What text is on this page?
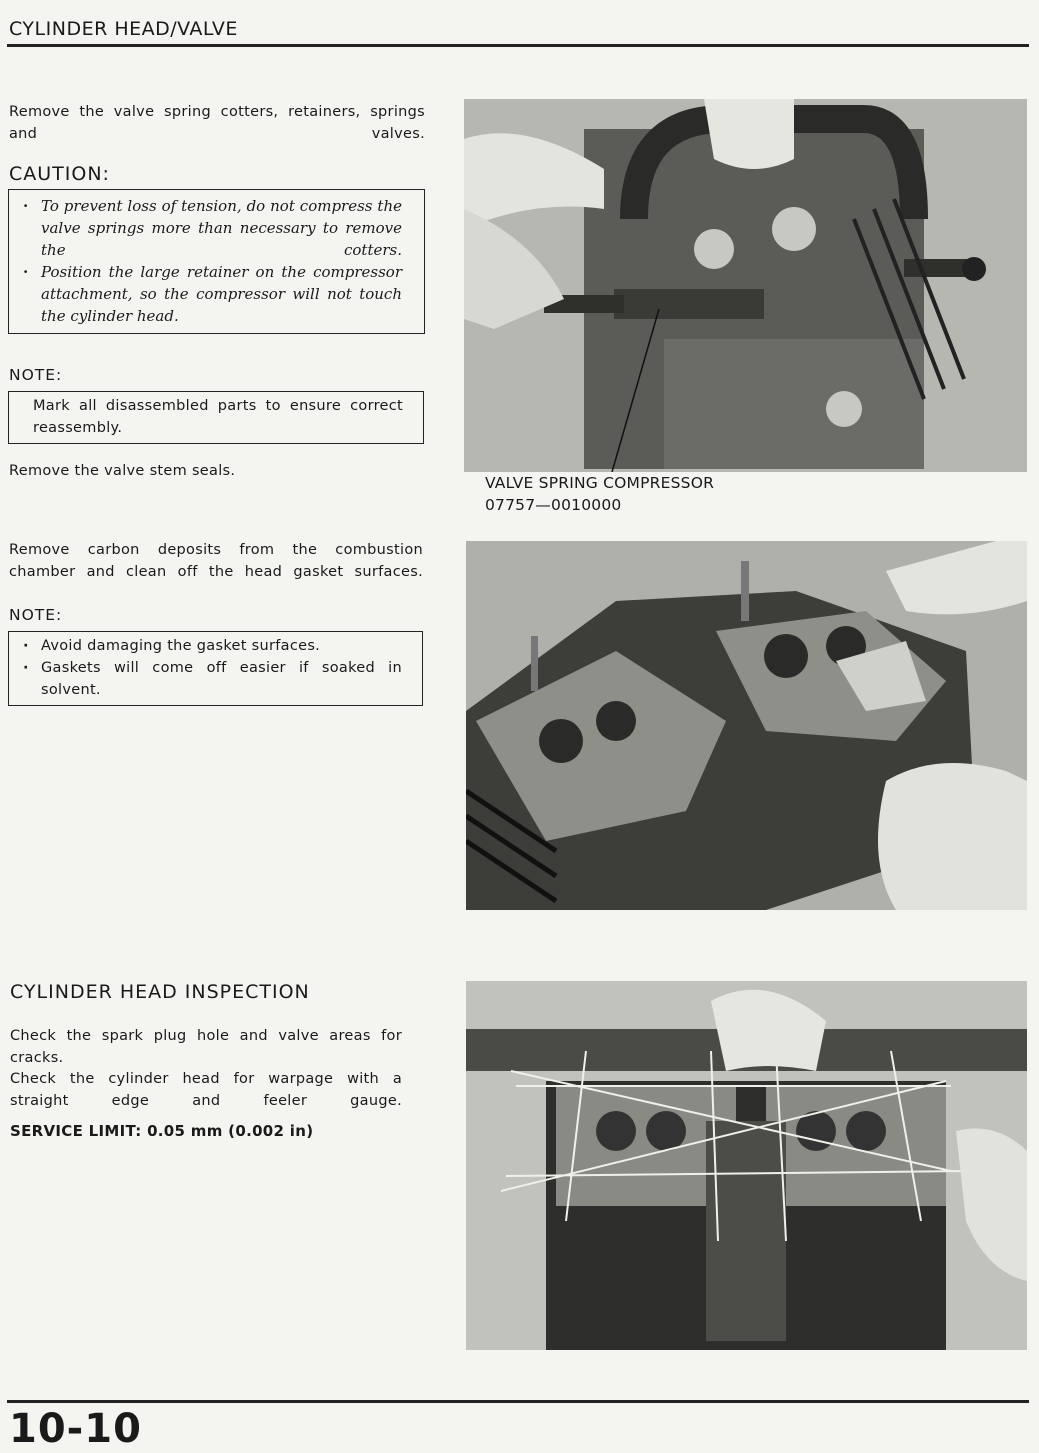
CYLINDER HEAD/VALVE
Remove the valve spring cotters, retainers, springs and valves.
CAUTION:
· To prevent loss of tension, do not compress the valve springs more than necessary to remove the cotters.
· Position the large retainer on the compressor attachment, so the compressor will not touch the cylinder head.
NOTE:
Mark all disassembled parts to ensure correct reassembly.
Remove the valve stem seals.
VALVE SPRING COMPRESSOR
07757—0010000
Remove carbon deposits from the combustion chamber and clean off the head gasket surfaces.
NOTE:
· Avoid damaging the gasket surfaces.
· Gaskets will come off easier if soaked in solvent.
CYLINDER HEAD INSPECTION
Check the spark plug hole and valve areas for cracks.
Check the cylinder head for warpage with a straight edge and feeler gauge.
SERVICE LIMIT: 0.05 mm (0.002 in)
10-10
